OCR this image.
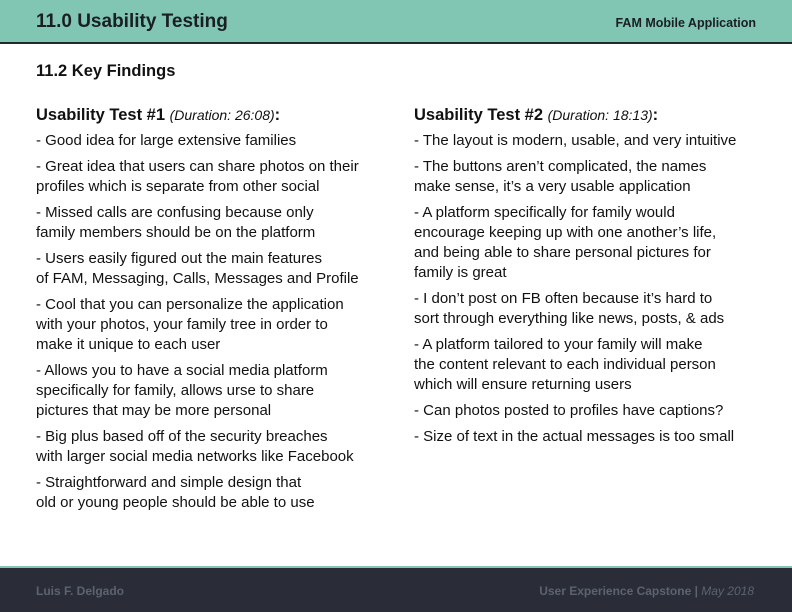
11.0 Usability Testing	FAM Mobile Application
11.2 Key Findings
Usability Test #1 (Duration: 26:08):
- Good idea for large extensive families
- Great idea that users can share photos on their
profiles which is separate from other social
- Missed calls are confusing because only
family members should be on the platform
- Users easily figured out the main features
of FAM, Messaging, Calls, Messages and Profile
- Cool that you can personalize the application
with your photos, your family tree in order to
make it unique to each user
- Allows you to have a social media platform
specifically for family, allows urse to share
pictures that may be more personal
- Big plus based off of the security breaches
with larger social media networks like Facebook
- Straightforward and simple design that
old or young people should be able to use
Usability Test #2 (Duration: 18:13):
- The layout is modern, usable, and very intuitive
- The buttons aren’t complicated, the names
make sense, it’s a very usable application
- A platform specifically for family would
encourage keeping up with one another’s life,
and being able to share personal pictures for
family is great
- I don’t post on FB often because it’s hard to
sort through everything like news, posts, & ads
- A platform tailored to your family will make
the content relevant to each individual person
which will ensure returning users
- Can photos posted to profiles have captions?
- Size of text in the actual messages is too small
Luis F. Delgado	User Experience Capstone | May 2018
